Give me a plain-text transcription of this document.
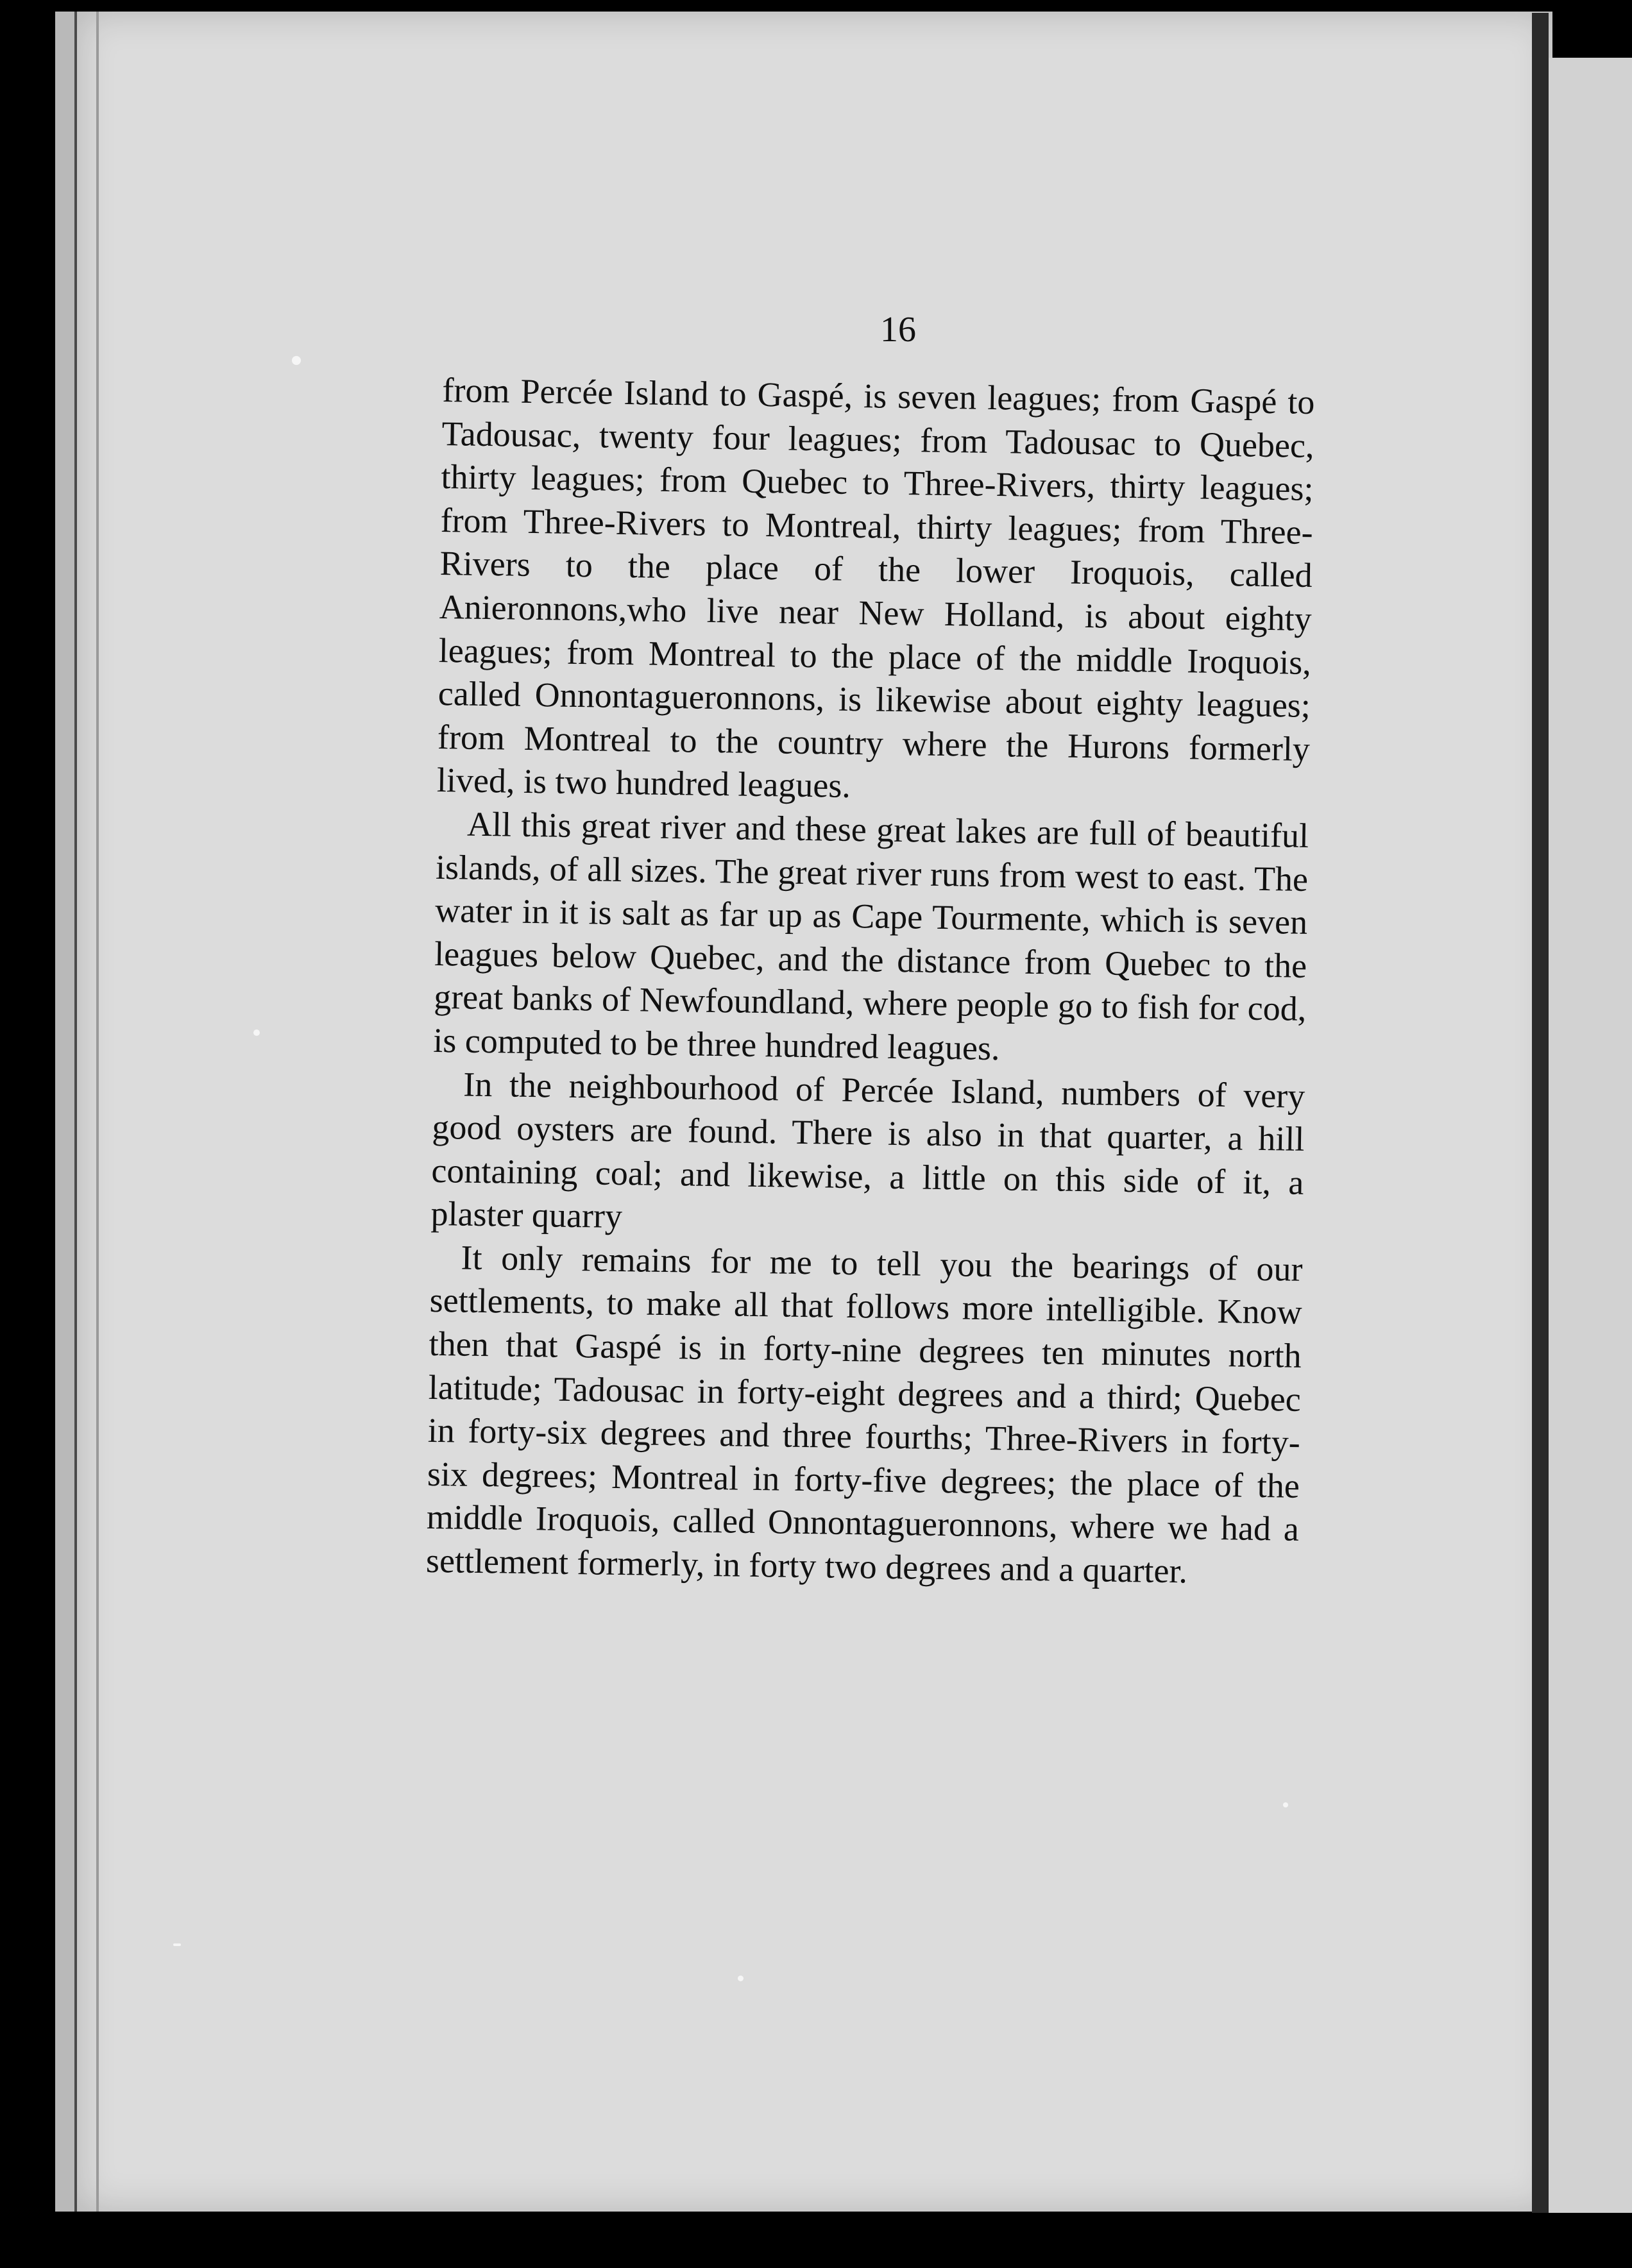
16

from Percée Island to Gaspé, is seven leagues; from Gaspé to Tadousac, twenty four leagues; from Tadousac to Quebec, thirty leagues; from Quebec to Three-Rivers, thirty leagues; from Three-Rivers to Montreal, thirty leagues; from Three-Rivers to the place of the lower Iroquois, called Anieronnons,who live near New Holland, is about eighty leagues; from Montreal to the place of the middle Iroquois, called Onnontagueronnons, is likewise about eighty leagues; from Montreal to the country where the Hurons formerly lived, is two hundred leagues.

All this great river and these great lakes are full of beautiful islands, of all sizes. The great river runs from west to east. The water in it is salt as far up as Cape Tourmente, which is seven leagues below Quebec, and the distance from Quebec to the great banks of Newfoundland, where people go to fish for cod, is computed to be three hundred leagues.

In the neighbourhood of Percée Island, numbers of very good oysters are found. There is also in that quarter, a hill containing coal; and likewise, a little on this side of it, a plaster quarry

It only remains for me to tell you the bearings of our settlements, to make all that follows more intelligible. Know then that Gaspé is in forty-nine degrees ten minutes north latitude; Tadousac in forty-eight degrees and a third; Quebec in forty-six degrees and three fourths; Three-Rivers in forty-six degrees; Montreal in forty-five degrees; the place of the middle Iroquois, called Onnontagueronnons, where we had a settlement formerly, in forty two degrees and a quarter.
